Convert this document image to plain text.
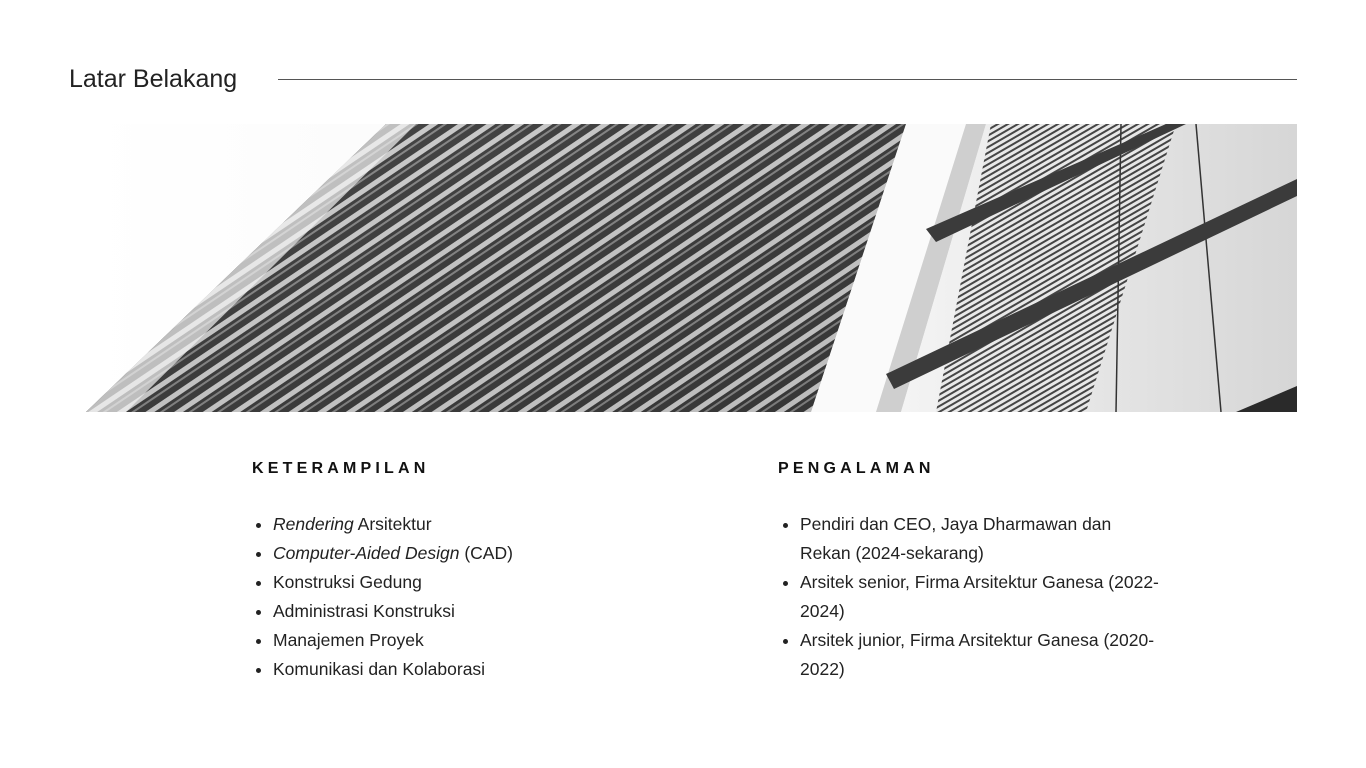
Latar Belakang
KETERAMPILAN
• Rendering Arsitektur
• Computer-Aided Design (CAD)
• Konstruksi Gedung
• Administrasi Konstruksi
• Manajemen Proyek
• Komunikasi dan Kolaborasi
PENGALAMAN
• Pendiri dan CEO, Jaya Dharmawan dan Rekan (2024-sekarang)
• Arsitek senior, Firma Arsitektur Ganesa (2022-2024)
• Arsitek junior, Firma Arsitektur Ganesa (2020-2022)
